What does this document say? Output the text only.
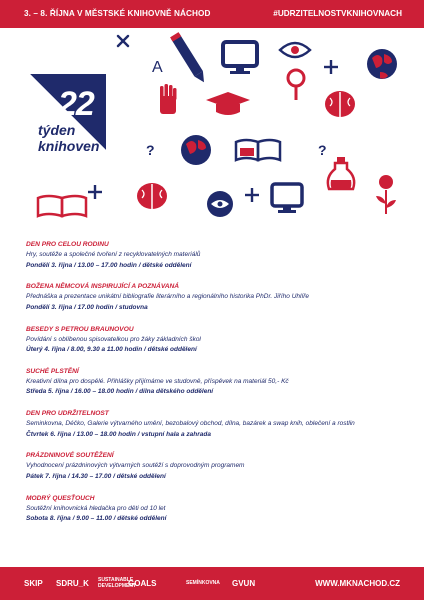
3. – 8. ŘÍJNA V MĚSTSKÉ KNIHOVNĚ NÁCHOD	#UDRZITELNOSTVKNIHOVNACH
A
?	?
22
týden
knihoven
DEN PRO CELOU RODINU
Hry, soutěže a společné tvoření z recyklovatelných materiálů
Pondělí 3. října / 13.00 – 17.00 hodin / dětské oddělení
BOŽENA NĚMCOVÁ INSPIRUJÍCÍ A POZNÁVANÁ
Přednáška a prezentace unikátní bibliografie literárního a regionálního historika PhDr. Jiřího Uhlíře
Pondělí 3. října / 17.00 hodin / studovna
BESEDY S PETROU BRAUNOVOU
Povídání s oblíbenou spisovatelkou pro žáky základních škol
Úterý 4. října / 8.00, 9.30 a 11.00 hodin / dětské oddělení
SUCHÉ PLSTĚNÍ
Kreativní dílna pro dospělé. Přihlášky přijímáme ve studovně, příspěvek na materiál 50,- Kč
Středa 5. října / 16.00 – 18.00 hodin / dílna dětského oddělení
DEN PRO UDRŽITELNOST
Seminkovna, Déčko, Galerie výtvarného umění, bezobalový obchod, dílna, bazárek a swap knih, oblečení a rostlin
Čtvrtek 6. října / 13.00 – 18.00 hodin / vstupní hala a zahrada
PRÁZDNINOVÉ SOUTĚŽENÍ
Vyhodnocení prázdninových výtvarných soutěží s doprovodným programem
Pátek 7. října / 14.30 – 17.00 / dětské oddělení
MODRÝ QUESŤOUCH
Soutěžní knihovnická hledačka pro děti od 10 let
Sobota 8. října / 9.00 – 11.00 / dětské oddělení
SKIP SDRU_K SUSTAINABLE DEVELOPMENT
GOALS	SEMÍNKOVNA GVUN	WWW.MKNACHOD.CZ
